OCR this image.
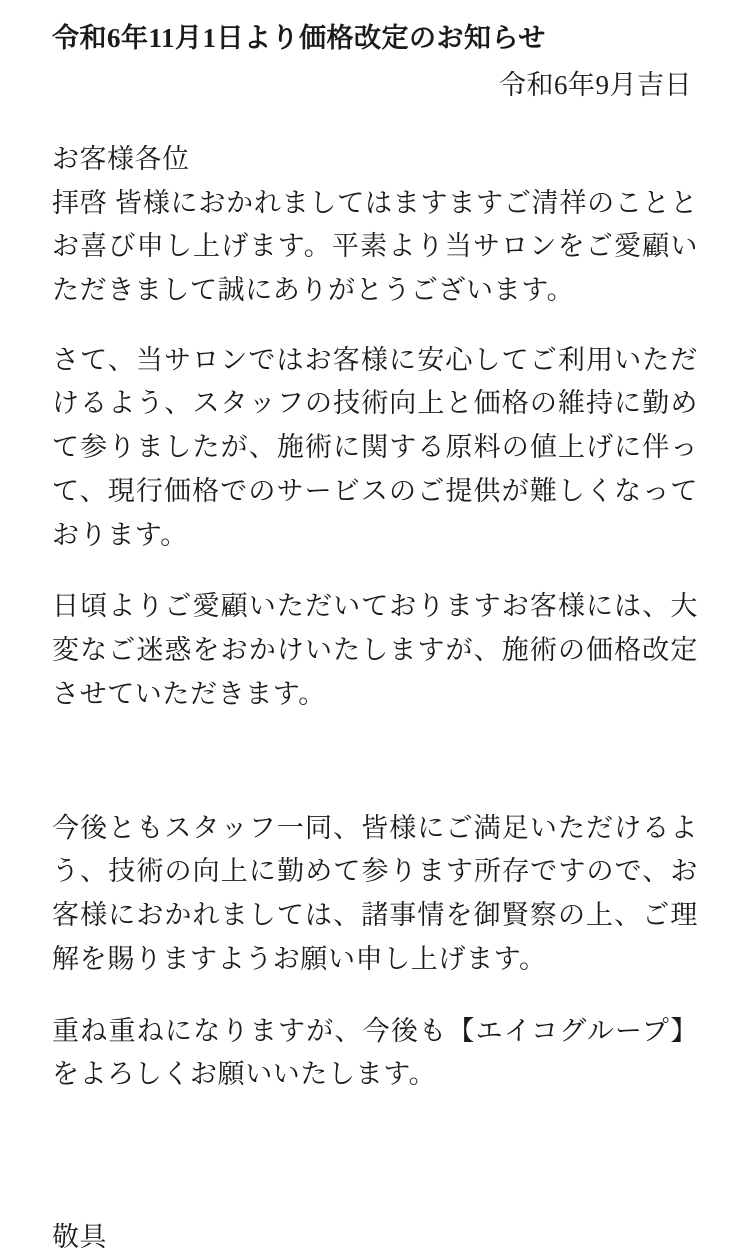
令和6年11月1日より価格改定のお知らせ
令和6年9月吉日
お客様各位

拝啓 皆様におかれましてはますますご清祥のこととお喜び申し上げます。平素より当サロンをご愛顧いただきまして誠にありがとうございます。

さて、当サロンではお客様に安心してご利用いただけるよう、スタッフの技術向上と価格の維持に勤めて参りましたが、施術に関する原料の値上げに伴って、現行価格でのサービスのご提供が難しくなっております。

日頃よりご愛顧いただいておりますお客様には、大変なご迷惑をおかけいたしますが、施術の価格改定させていただきます。

今後ともスタッフ一同、皆様にご満足いただけるよう、技術の向上に勤めて参ります所存ですので、お客様におかれましては、諸事情を御賢察の上、ご理解を賜りますようお願い申し上げます。

重ね重ねになりますが、今後も【エイコグループ】をよろしくお願いいたします。

敬具
